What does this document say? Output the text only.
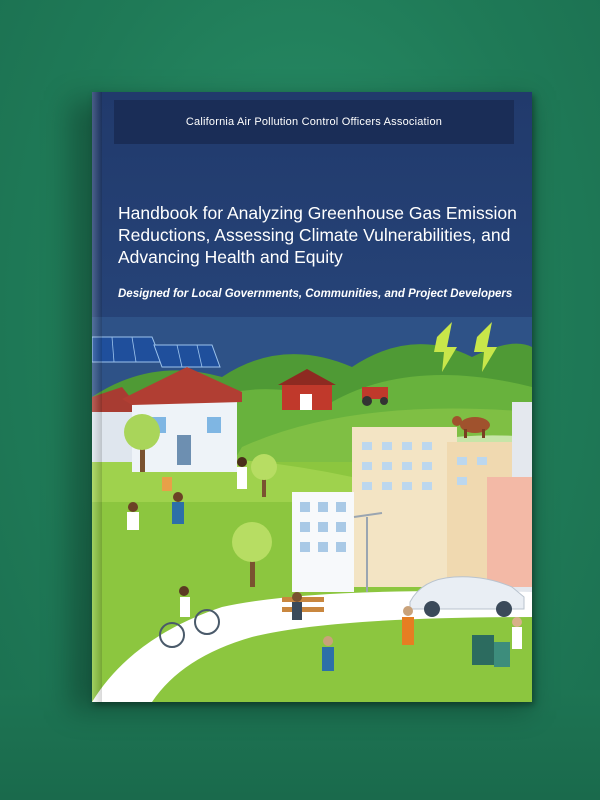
California Air Pollution Control Officers Association
Handbook for Analyzing Greenhouse Gas Emission Reductions, Assessing Climate Vulnerabilities, and Advancing Health and Equity
Designed for Local Governments, Communities, and Project Developers
